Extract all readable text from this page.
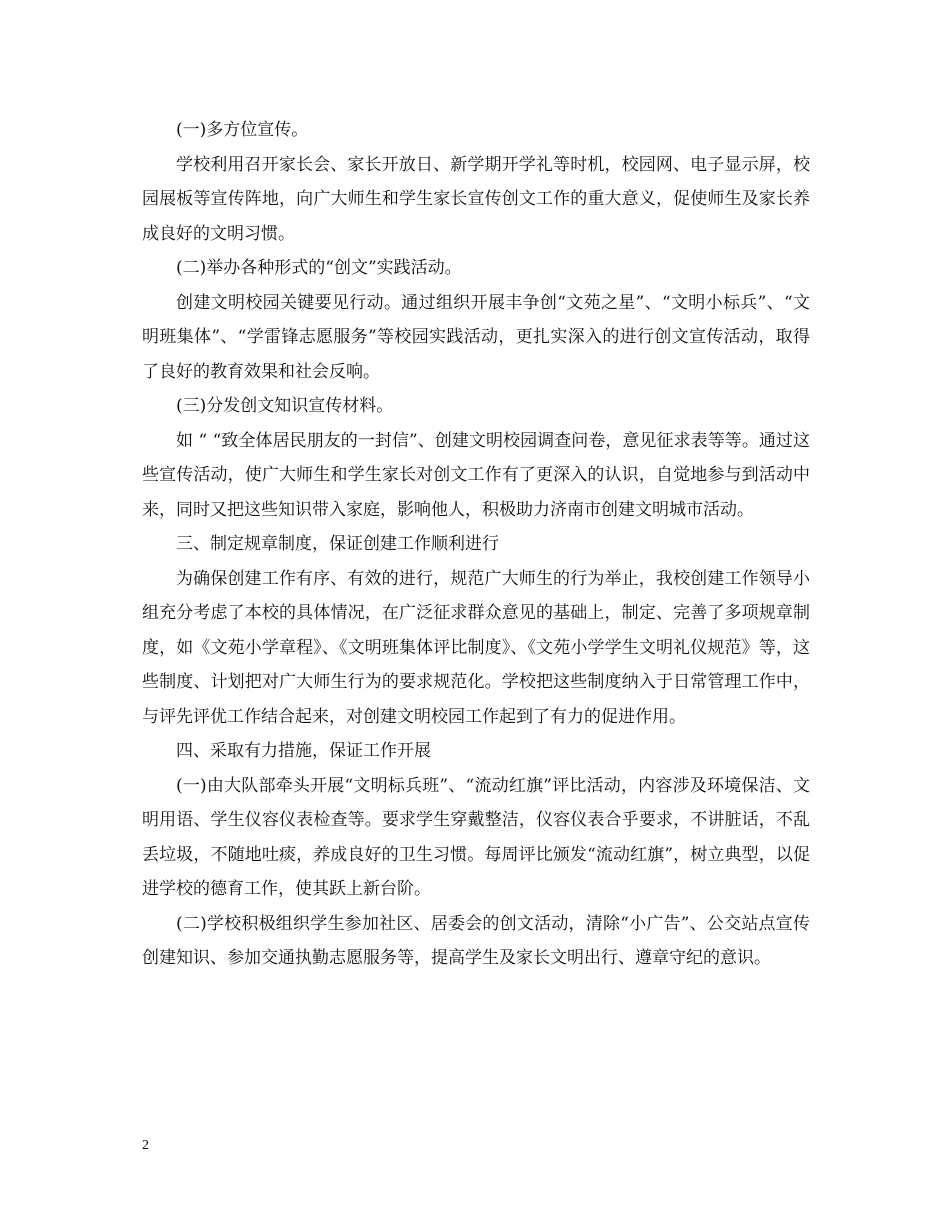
(一)多方位宣传。

学校利用召开家长会、家长开放日、新学期开学礼等时机，校园网、电子显示屏，校园展板等宣传阵地，向广大师生和学生家长宣传创文工作的重大意义，促使师生及家长养成良好的文明习惯。

(二)举办各种形式的“创文”实践活动。

创建文明校园关键要见行动。通过组织开展丰争创“文苑之星”、“文明小标兵”、“文明班集体”、“学雷锋志愿服务”等校园实践活动，更扎实深入的进行创文宣传活动，取得了良好的教育效果和社会反响。

(三)分发创文知识宣传材料。

如 “ “致全体居民朋友的一封信”、创建文明校园调查问卷，意见征求表等等。通过这些宣传活动，使广大师生和学生家长对创文工作有了更深入的认识，自觉地参与到活动中来，同时又把这些知识带入家庭，影响他人，积极助力济南市创建文明城市活动。

三、制定规章制度，保证创建工作顺利进行

为确保创建工作有序、有效的进行，规范广大师生的行为举止，我校创建工作领导小组充分考虑了本校的具体情况，在广泛征求群众意见的基础上，制定、完善了多项规章制度，如《文苑小学章程》、《文明班集体评比制度》、《文苑小学学生文明礼仪规范》等，这些制度、计划把对广大师生行为的要求规范化。学校把这些制度纳入于日常管理工作中，与评先评优工作结合起来，对创建文明校园工作起到了有力的促进作用。

四、采取有力措施，保证工作开展

(一)由大队部牵头开展“文明标兵班”、“流动红旗”评比活动，内容涉及环境保洁、文明用语、学生仪容仪表检查等。要求学生穿戴整洁，仪容仪表合乎要求，不讲脏话，不乱丢垃圾，不随地吐痰，养成良好的卫生习惯。每周评比颁发“流动红旗”，树立典型，以促进学校的德育工作，使其跃上新台阶。

(二)学校积极组织学生参加社区、居委会的创文活动，清除“小广告”、公交站点宣传创建知识、参加交通执勤志愿服务等，提高学生及家长文明出行、遵章守纪的意识。

2
